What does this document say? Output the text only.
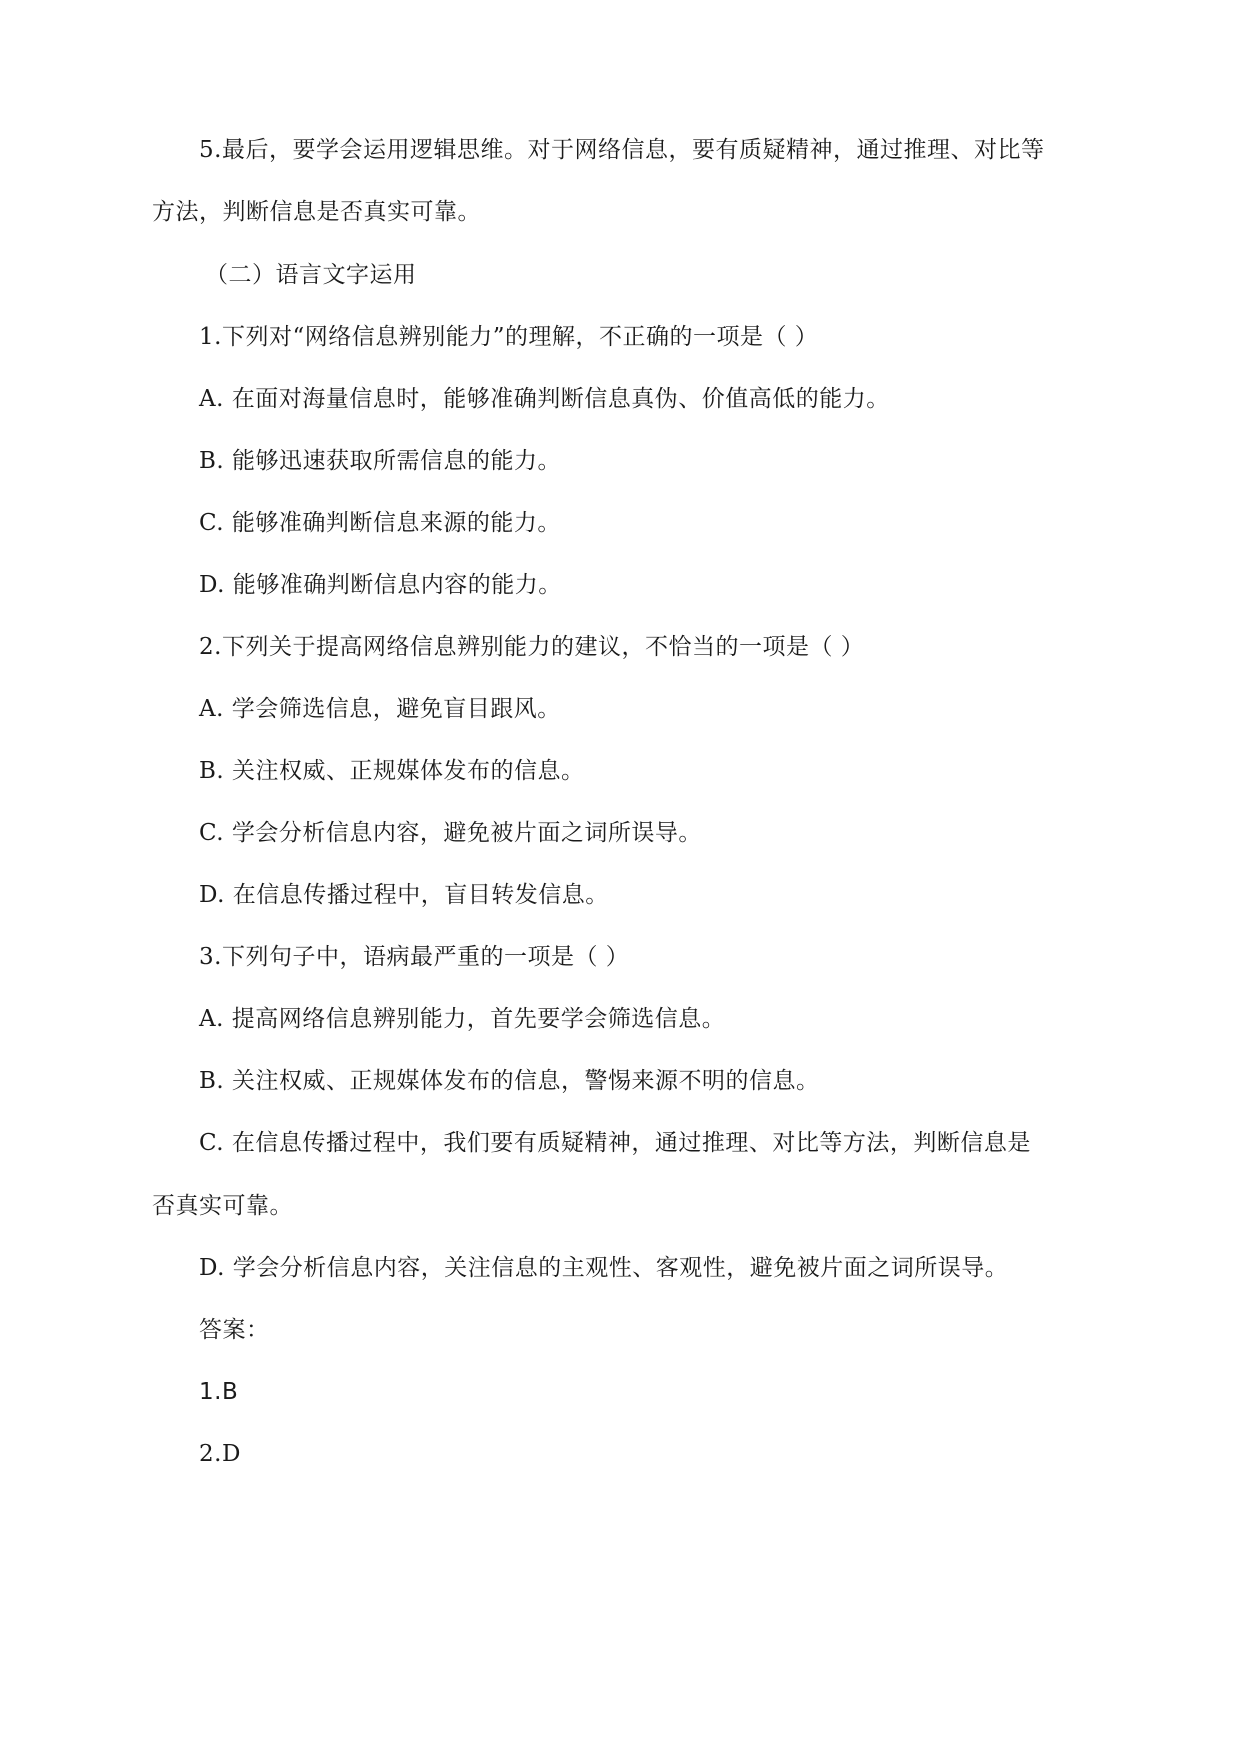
5.最后，要学会运用逻辑思维。对于网络信息，要有质疑精神，通过推理、对比等
方法，判断信息是否真实可靠。
（二）语言文字运用
1.下列对“网络信息辨别能力”的理解，不正确的一项是（ ）
A. 在面对海量信息时，能够准确判断信息真伪、价值高低的能力。
B. 能够迅速获取所需信息的能力。
C. 能够准确判断信息来源的能力。
D. 能够准确判断信息内容的能力。
2.下列关于提高网络信息辨别能力的建议，不恰当的一项是（ ）
A. 学会筛选信息，避免盲目跟风。
B. 关注权威、正规媒体发布的信息。
C. 学会分析信息内容，避免被片面之词所误导。
D. 在信息传播过程中，盲目转发信息。
3.下列句子中，语病最严重的一项是（ ）
A. 提高网络信息辨别能力，首先要学会筛选信息。
B. 关注权威、正规媒体发布的信息，警惕来源不明的信息。
C. 在信息传播过程中，我们要有质疑精神，通过推理、对比等方法，判断信息是
否真实可靠。
D. 学会分析信息内容，关注信息的主观性、客观性，避免被片面之词所误导。
答案：
1.B
2.D
